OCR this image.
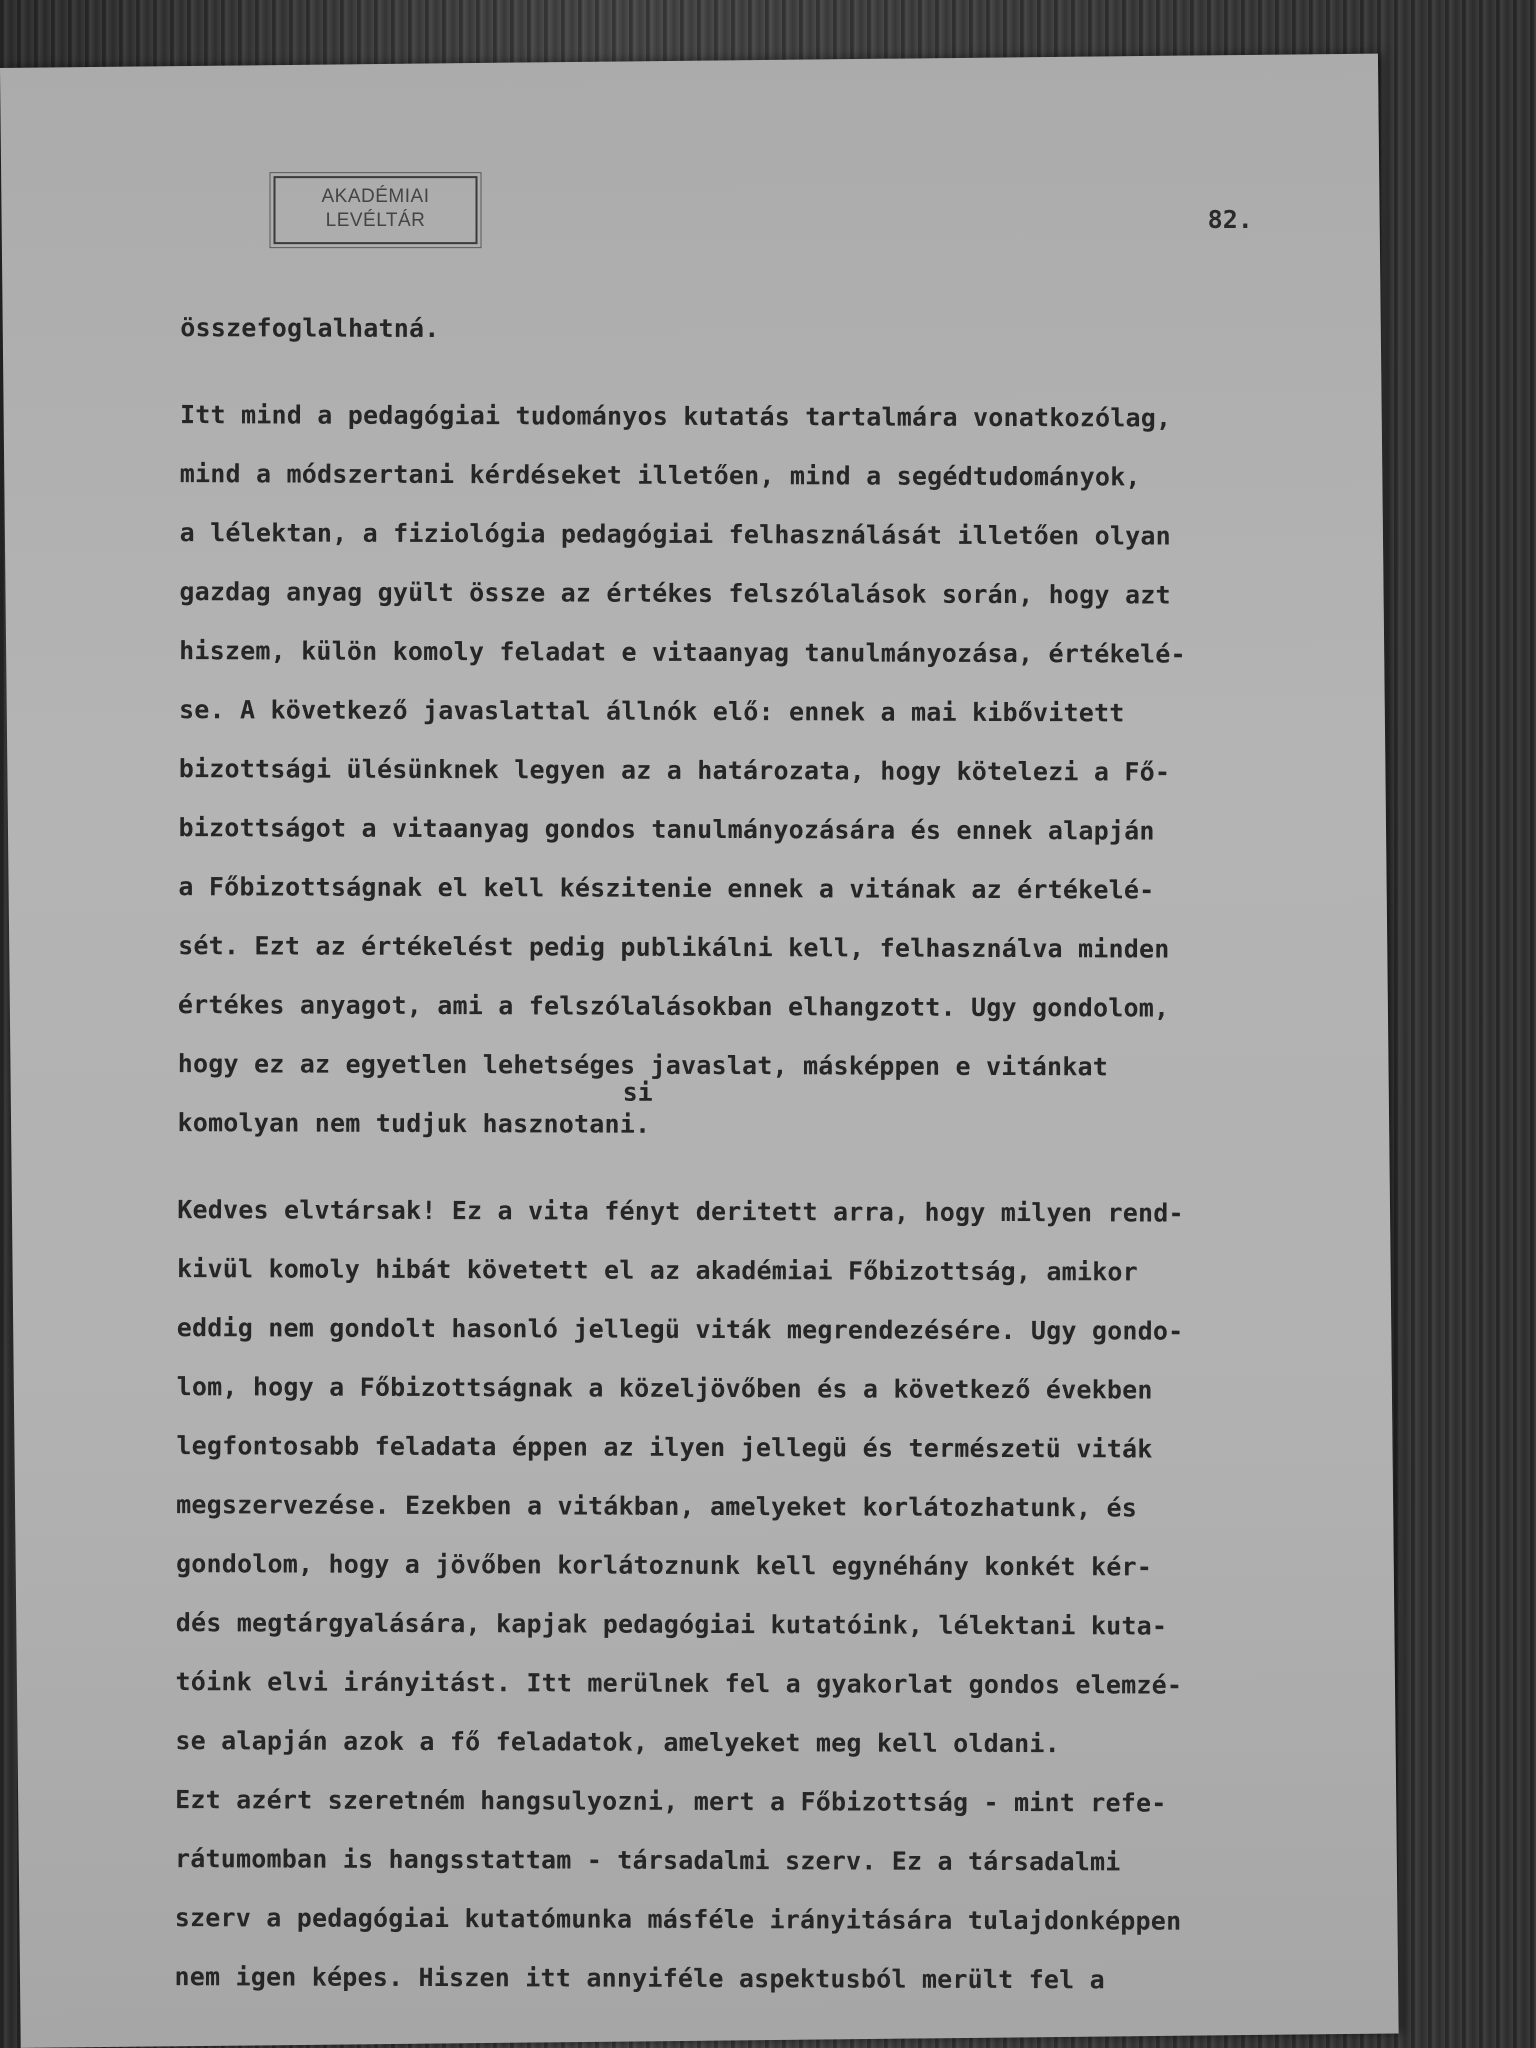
AKADÉMIAI
LEVÉLTÁR	82.
összefoglalhatná.
Itt mind a pedagógiai tudományos kutatás tartalmára vonatkozólag,
mind a módszertani kérdéseket illetően, mind a segédtudományok,
a lélektan, a fiziológia pedagógiai felhasználását illetően olyan
gazdag anyag gyült össze az értékes felszólalások során, hogy azt
hiszem, külön komoly feladat e vitaanyag tanulmányozása, értékelé-
se. A következő javaslattal állnók elő: ennek a mai kibővitett
bizottsági ülésünknek legyen az a határozata, hogy kötelezi a Fő-
bizottságot a vitaanyag gondos tanulmányozására és ennek alapján
a Főbizottságnak el kell készitenie ennek a vitának az értékelé-
sét. Ezt az értékelést pedig publikálni kell, felhasználva minden
értékes anyagot, ami a felszólalásokban elhangzott. Ugy gondolom,
hogy ez az egyetlen lehetséges javaslat, másképpen e vitánkat
si
komolyan nem tudjuk hasznotani.
Kedves elvtársak! Ez a vita fényt deritett arra, hogy milyen rend-
kivül komoly hibát követett el az akadémiai Főbizottság, amikor
eddig nem gondolt hasonló jellegü viták megrendezésére. Ugy gondo-
lom, hogy a Főbizottságnak a közeljövőben és a következő években
legfontosabb feladata éppen az ilyen jellegü és természetü viták
megszervezése. Ezekben a vitákban, amelyeket korlátozhatunk, és
gondolom, hogy a jövőben korlátoznunk kell egynéhány konkét kér-
dés megtárgyalására, kapjak pedagógiai kutatóink, lélektani kuta-
tóink elvi irányitást. Itt merülnek fel a gyakorlat gondos elemzé-
se alapján azok a fő feladatok, amelyeket meg kell oldani.
Ezt azért szeretném hangsulyozni, mert a Főbizottság - mint refe-
rátumomban is hangsstattam - társadalmi szerv. Ez a társadalmi
szerv a pedagógiai kutatómunka másféle irányitására tulajdonképpen
nem igen képes. Hiszen itt annyiféle aspektusból merült fel a
